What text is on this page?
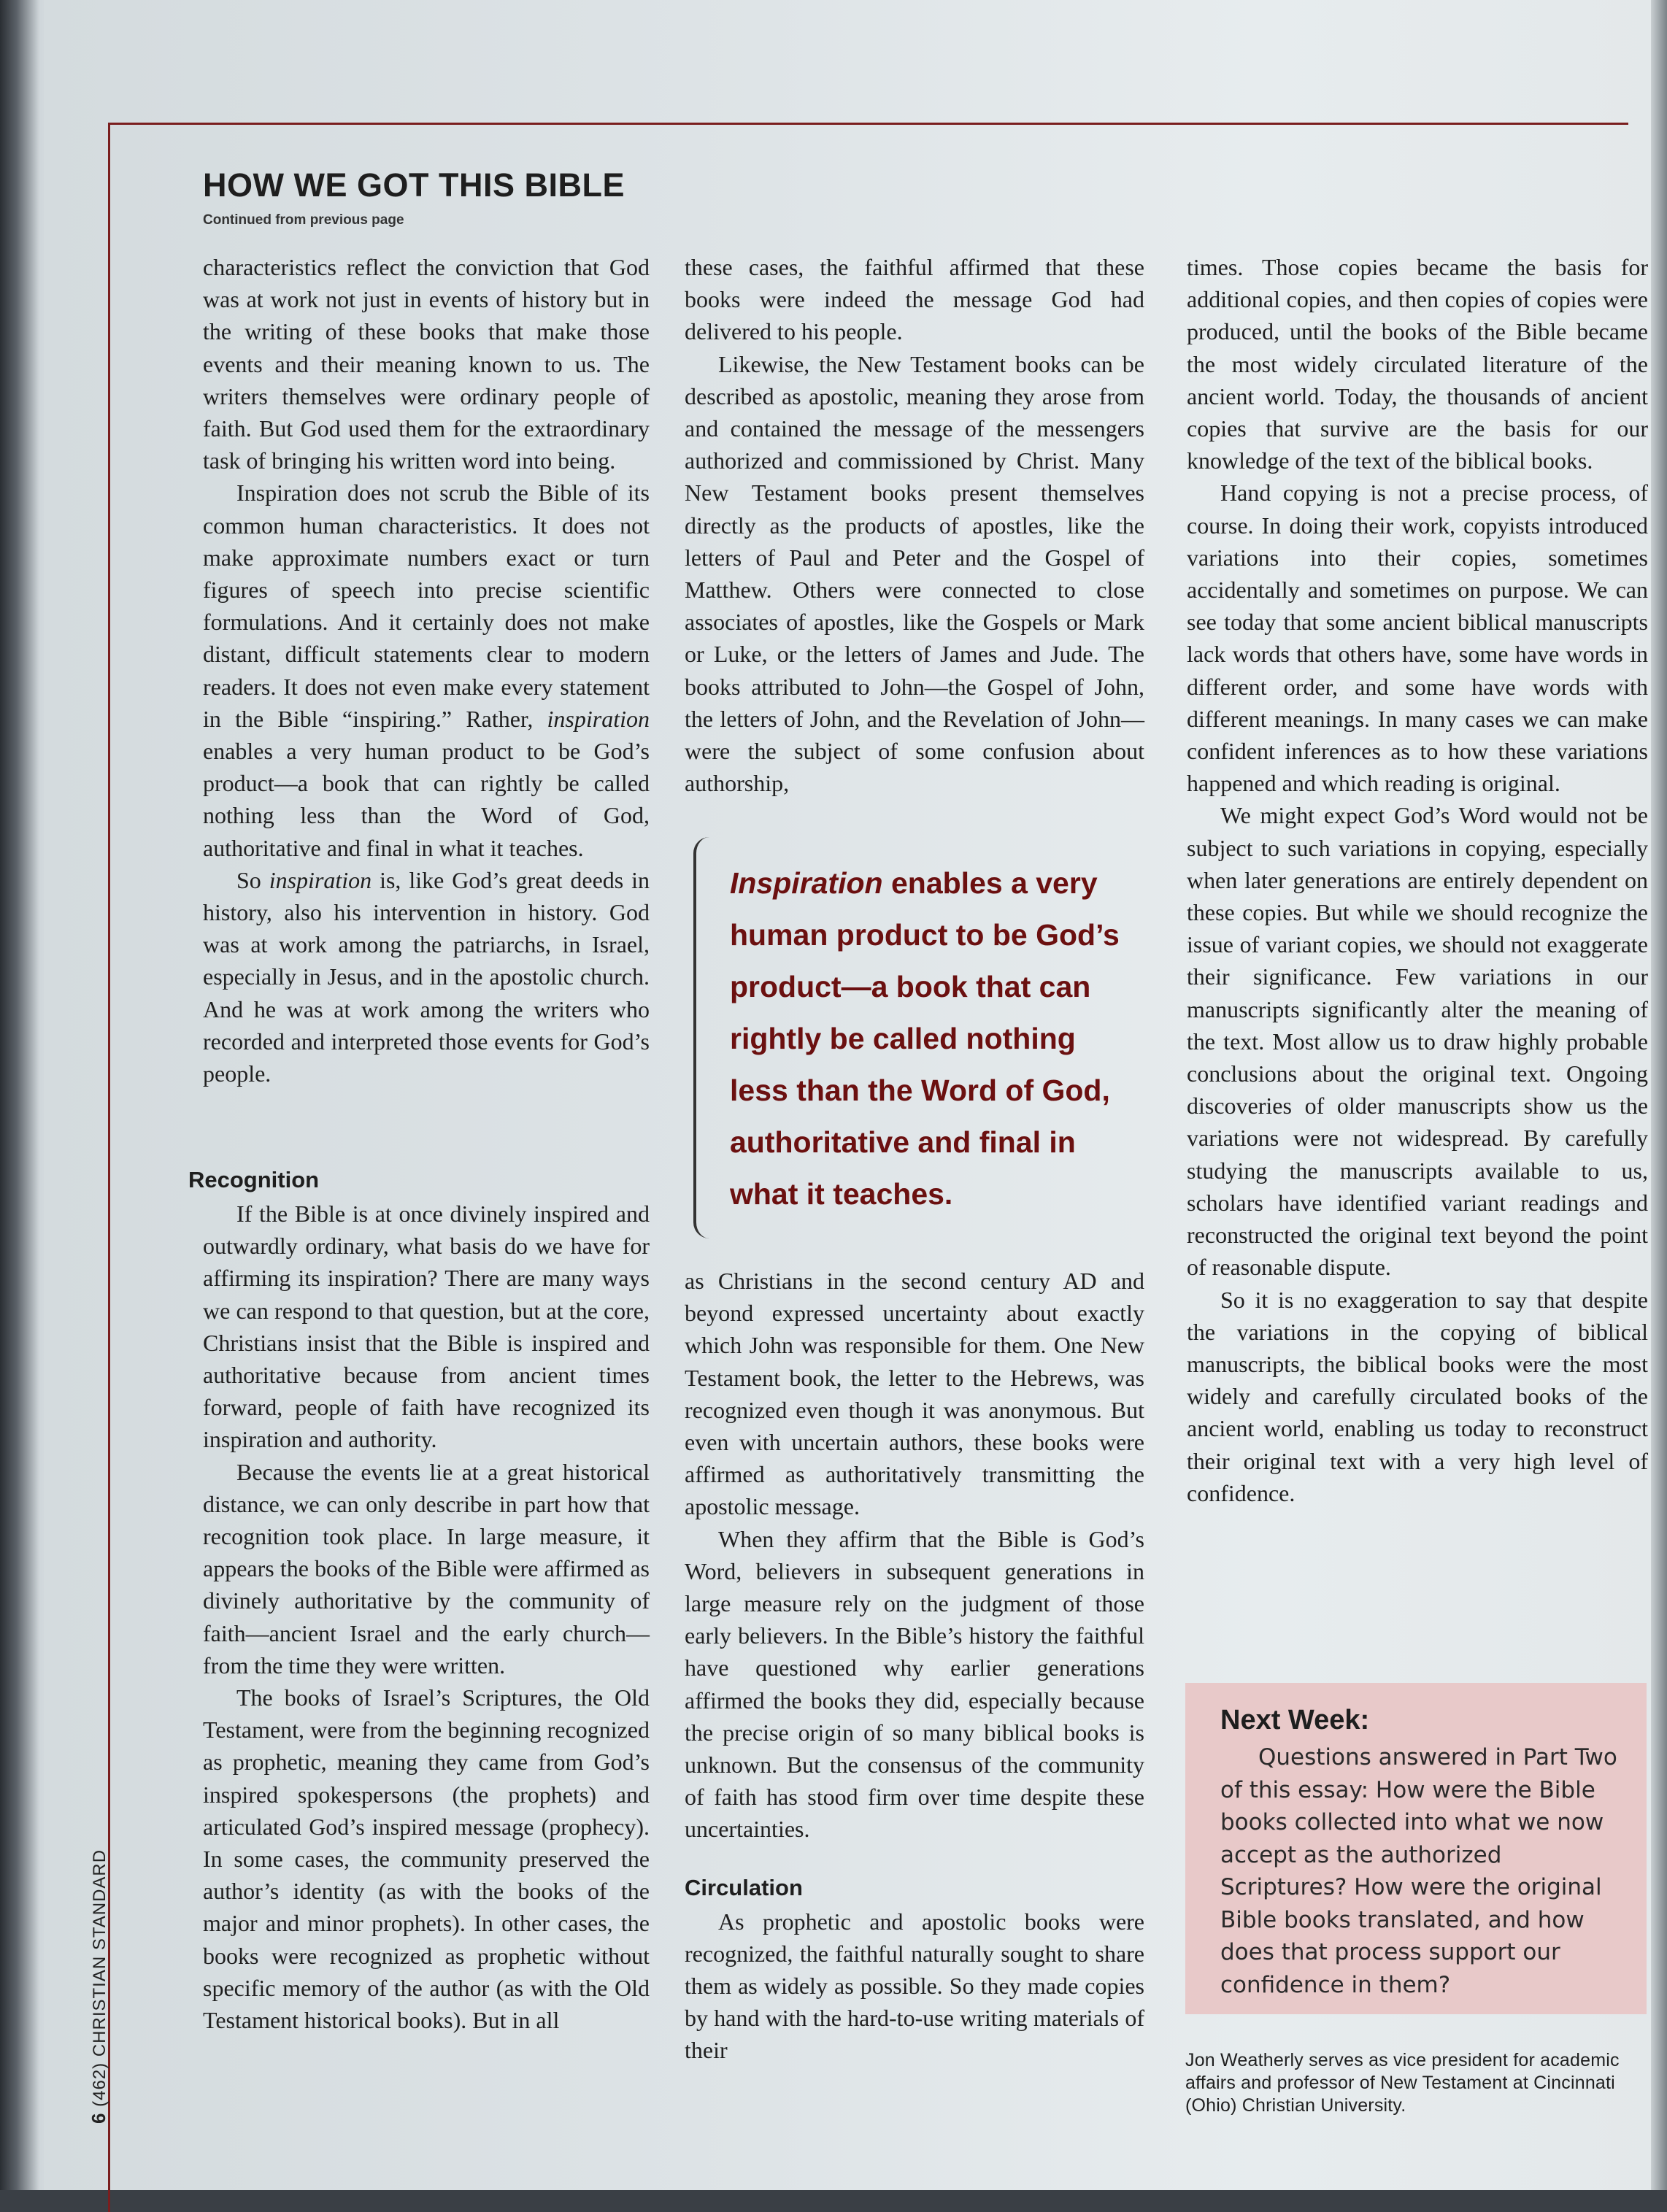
HOW WE GOT THIS BIBLE
Continued from previous page

characteristics reflect the conviction that God was at work not just in events of history but in the writing of these books that make those events and their meaning known to us. The writers themselves were ordinary people of faith. But God used them for the extraordinary task of bringing his written word into being.

Inspiration does not scrub the Bible of its common human characteristics. It does not make approximate numbers exact or turn figures of speech into precise scientific formulations. And it certainly does not make distant, difficult statements clear to modern readers. It does not even make every statement in the Bible “inspiring.” Rather, inspiration enables a very human product to be God’s product—a book that can rightly be called nothing less than the Word of God, authoritative and final in what it teaches.

So inspiration is, like God’s great deeds in history, also his intervention in history. God was at work among the patriarchs, in Israel, especially in Jesus, and in the apostolic church. And he was at work among the writers who recorded and interpreted those events for God’s people.

Recognition

If the Bible is at once divinely inspired and outwardly ordinary, what basis do we have for affirming its inspiration? There are many ways we can respond to that question, but at the core, Christians insist that the Bible is inspired and authoritative because from ancient times forward, people of faith have recognized its inspiration and authority.

Because the events lie at a great historical distance, we can only describe in part how that recognition took place. In large measure, it appears the books of the Bible were affirmed as divinely authoritative by the community of faith—ancient Israel and the early church—from the time they were written.

The books of Israel’s Scriptures, the Old Testament, were from the beginning recognized as prophetic, meaning they came from God’s inspired spokespersons (the prophets) and articulated God’s inspired message (prophecy). In some cases, the community preserved the author’s identity (as with the books of the major and minor prophets). In other cases, the books were recognized as prophetic without specific memory of the author (as with the Old Testament historical books). But in all

these cases, the faithful affirmed that these books were indeed the message God had delivered to his people.

Likewise, the New Testament books can be described as apostolic, meaning they arose from and contained the message of the messengers authorized and commissioned by Christ. Many New Testament books present themselves directly as the products of apostles, like the letters of Paul and Peter and the Gospel of Matthew. Others were connected to close associates of apostles, like the Gospels or Mark or Luke, or the letters of James and Jude. The books attributed to John—the Gospel of John, the letters of John, and the Revelation of John—were the subject of some confusion about authorship,

Inspiration enables a very human product to be God’s product—a book that can rightly be called nothing less than the Word of God, authoritative and final in what it teaches.

as Christians in the second century AD and beyond expressed uncertainty about exactly which John was responsible for them. One New Testament book, the letter to the Hebrews, was recognized even though it was anonymous. But even with uncertain authors, these books were affirmed as authoritatively transmitting the apostolic message.

When they affirm that the Bible is God’s Word, believers in subsequent generations in large measure rely on the judgment of those early believers. In the Bible’s history the faithful have questioned why earlier generations affirmed the books they did, especially because the precise origin of so many biblical books is unknown. But the consensus of the community of faith has stood firm over time despite these uncertainties.

Circulation

As prophetic and apostolic books were recognized, the faithful naturally sought to share them as widely as possible. So they made copies by hand with the hard-to-use writing materials of their

times. Those copies became the basis for additional copies, and then copies of copies were produced, until the books of the Bible became the most widely circulated literature of the ancient world. Today, the thousands of ancient copies that survive are the basis for our knowledge of the text of the biblical books.

Hand copying is not a precise process, of course. In doing their work, copyists introduced variations into their copies, sometimes accidentally and sometimes on purpose. We can see today that some ancient biblical manuscripts lack words that others have, some have words in different order, and some have words with different meanings. In many cases we can make confident inferences as to how these variations happened and which reading is original.

We might expect God’s Word would not be subject to such variations in copying, especially when later generations are entirely dependent on these copies. But while we should recognize the issue of variant copies, we should not exaggerate their significance. Few variations in our manuscripts significantly alter the meaning of the text. Most allow us to draw highly probable conclusions about the original text. Ongoing discoveries of older manuscripts show us the variations were not widespread. By carefully studying the manuscripts available to us, scholars have identified variant readings and reconstructed the original text beyond the point of reasonable dispute.

So it is no exaggeration to say that despite the variations in the copying of biblical manuscripts, the biblical books were the most widely and carefully circulated books of the ancient world, enabling us today to reconstruct their original text with a very high level of confidence.

Next Week:
Questions answered in Part Two of this essay: How were the Bible books collected into what we now accept as the authorized Scriptures? How were the original Bible books translated, and how does that process support our confidence in them?
Jon Weatherly serves as vice president for academic affairs and professor of New Testament at Cincinnati (Ohio) Christian University.
6 (462) CHRISTIAN STANDARD
